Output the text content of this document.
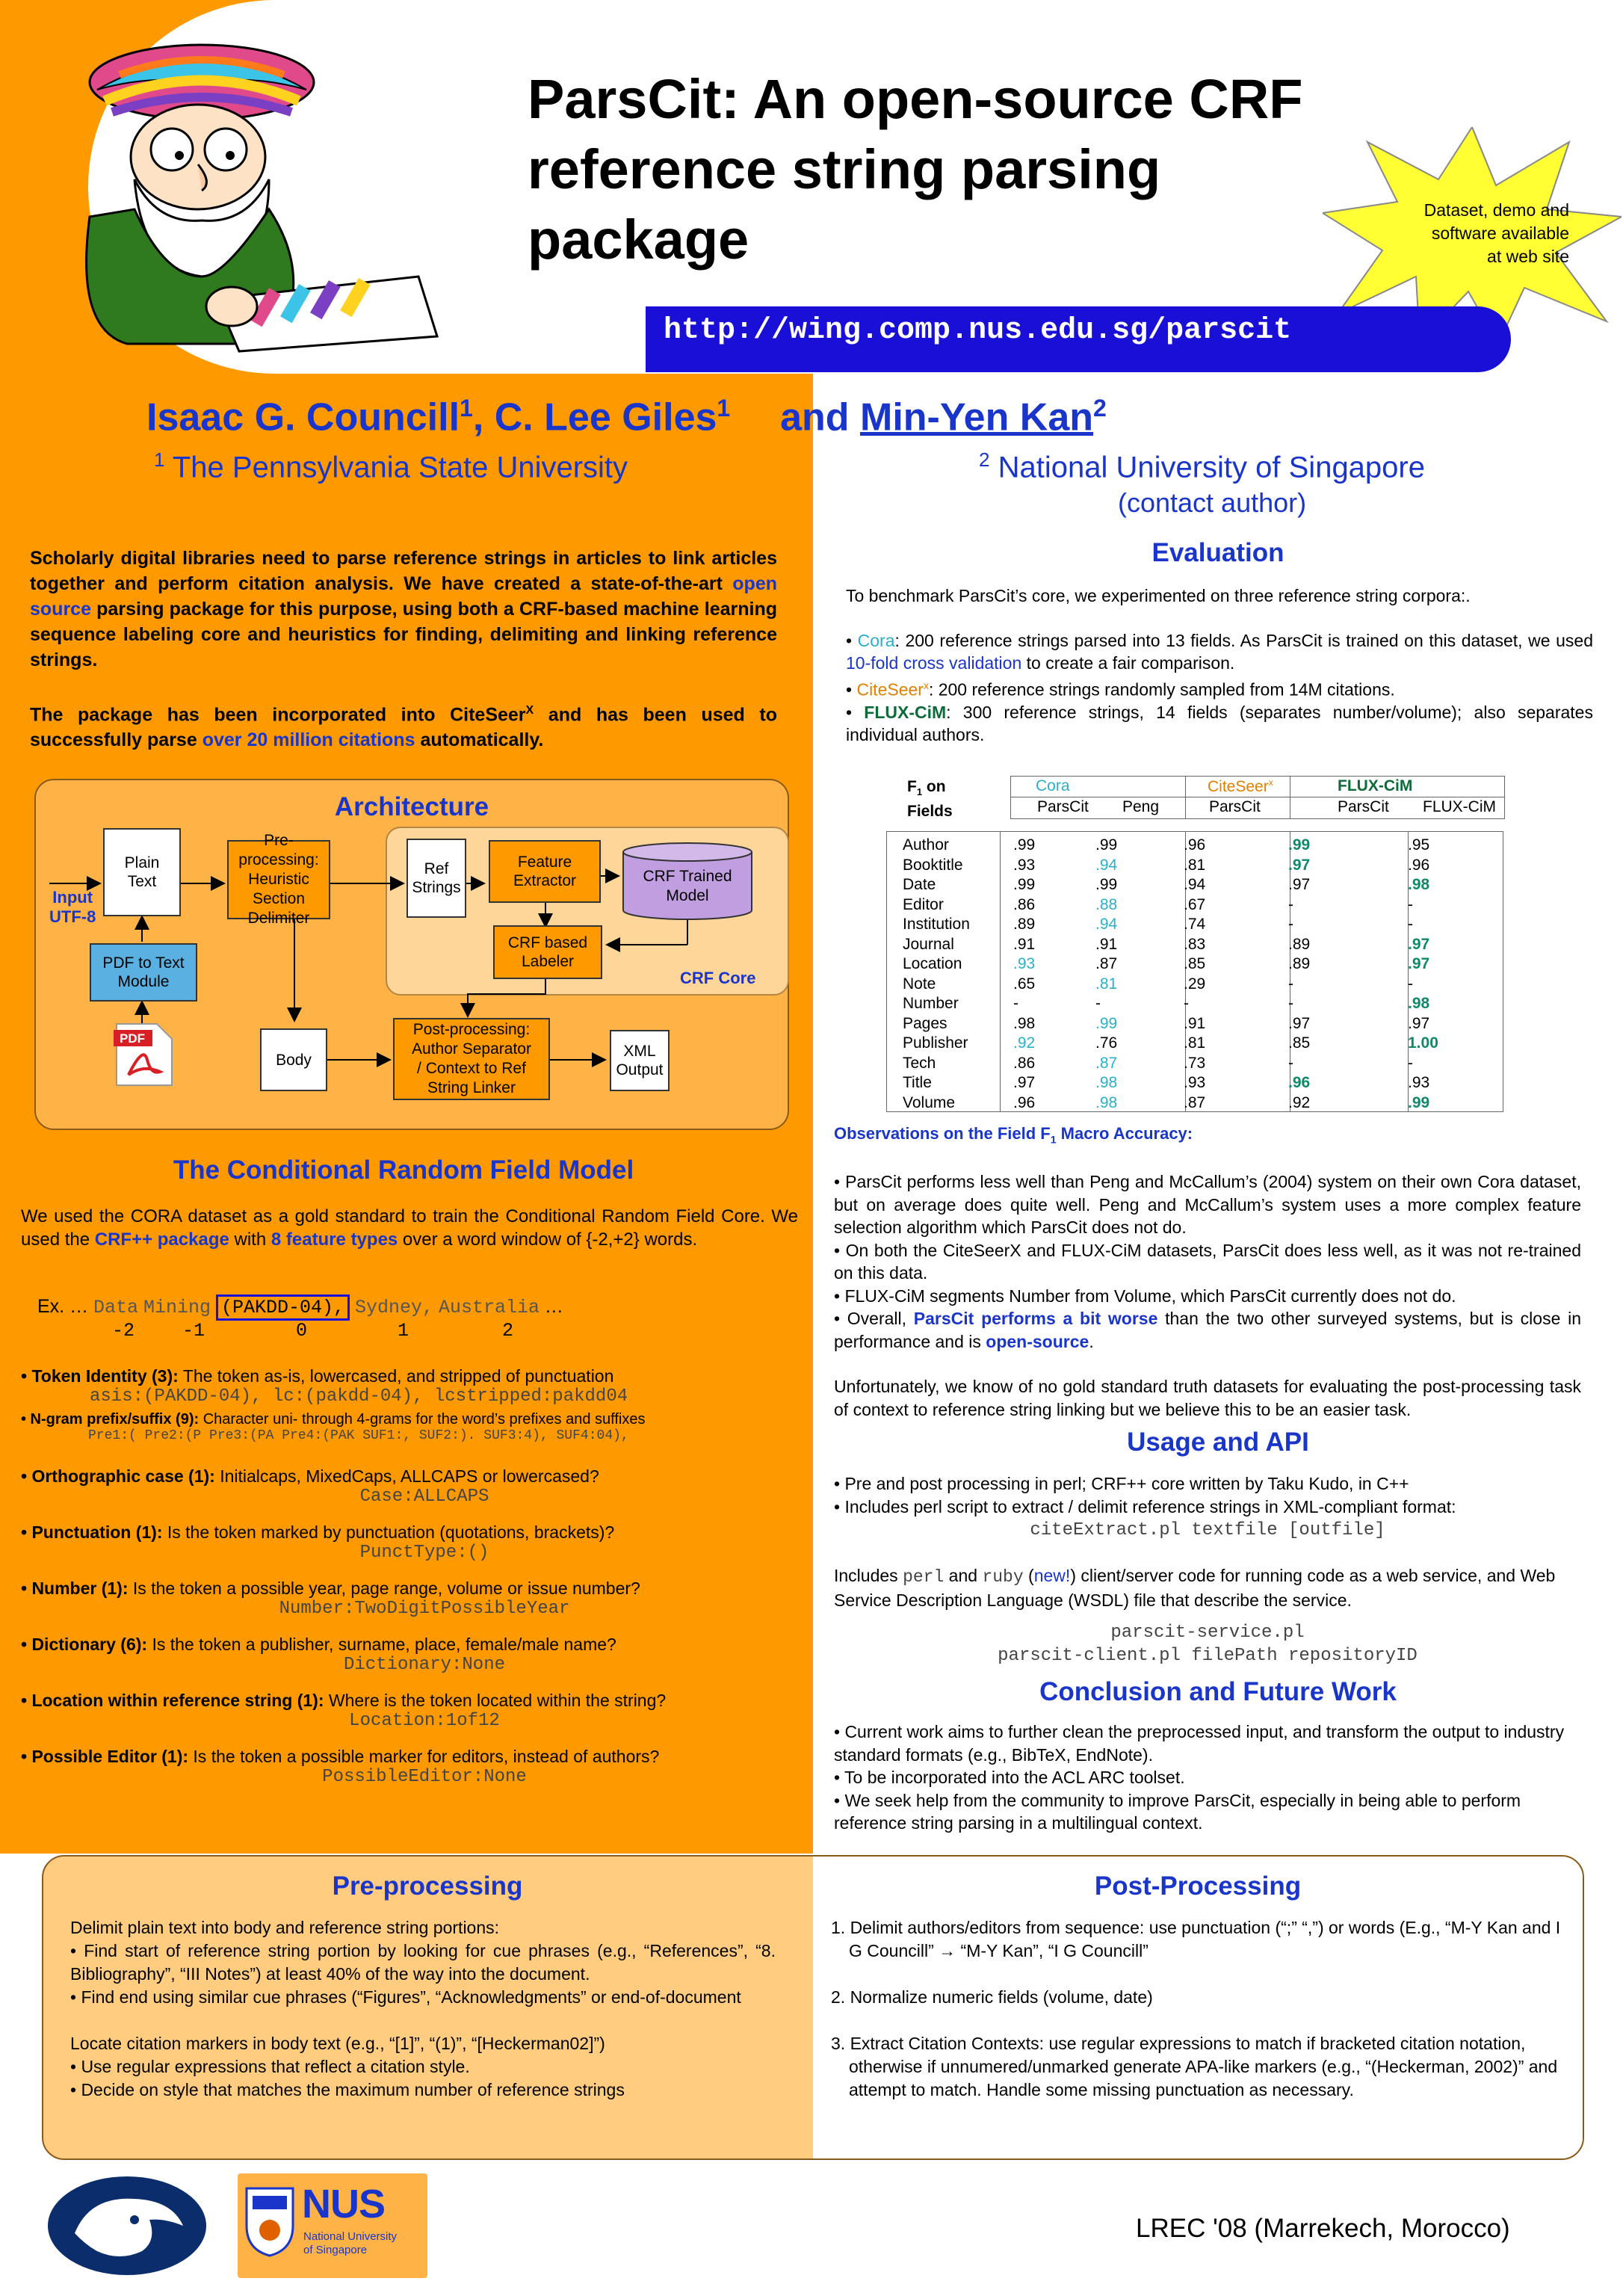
ParsCit: An open-source CRF
reference string parsing
package	Dataset, demo and
software available
at web site
http://wing.comp.nus.edu.sg/parscit
Isaac G. Councill$^1$, C. Lee Giles$^1$ and Min-Yen Kan$^2$
$^1$ The Pennsylvania State University	$^2$ National University of Singapore
(contact author)

Scholarly digital libraries need to parse reference strings in articles to link articles together and perform citation analysis. We have created a state-of-the-art open source parsing package for this purpose, using both a CRF-based machine learning sequence labeling core and heuristics for finding, delimiting and linking reference strings.

The package has been incorporated into CiteSeer$^X$ and has been used to successfully parse over 20 million citations automatically.

Architecture
Input
UTF-8
Plain
Text
PDF to Text
Module
PDF
Pre-processing:
Heuristic
Section
Delimiter
Ref
Strings
Feature
Extractor	CRF Trained
Model
CRF based
Labeler
CRF Core
Body
Post-processing:
Author Separator
/ Context to Ref
String Linker
XML
Output
The Conditional Random Field Model
We used the CORA dataset as a gold standard to train the Conditional Random Field Core. We used the CRF++ package with 8 feature types over a word window of {-2,+2} words.
Ex. … Data Mining (PAKDD-04), Sydney, Australia …
-2	-1	0	1	2
• Token Identity (3): The token as-is, lowercased, and stripped of punctuation
asis:(PAKDD-04), lc:(pakdd-04), lcstripped:pakdd04
• N-gram prefix/suffix (9): Character uni- through 4-grams for the word’s prefixes and suffixes
Pre1:( Pre2:(P Pre3:(PA Pre4:(PAK SUF1:, SUF2:). SUF3:4), SUF4:04),
• Orthographic case (1): Initialcaps, MixedCaps, ALLCAPS or lowercased?
Case:ALLCAPS
• Punctuation (1): Is the token marked by punctuation (quotations, brackets)?
PunctType:()
• Number (1): Is the token a possible year, page range, volume or issue number?
Number:TwoDigitPossibleYear
• Dictionary (6): Is the token a publisher, surname, place, female/male name?
Dictionary:None
• Location within reference string (1): Where is the token located within the string?
Location:1of12
• Possible Editor (1): Is the token a possible marker for editors, instead of authors?
PossibleEditor:None
Evaluation

To benchmark ParsCit’s core, we experimented on three reference string corpora:.

• Cora: 200 reference strings parsed into 13 fields. As ParsCit is trained on this dataset, we used 10-fold cross validation to create a fair comparison.

• CiteSeer$^x$: 200 reference strings randomly sampled from 14M citations.

• FLUX-CiM: 300 reference strings, 14 fields (separates number/volume); also separates individual authors.

$F_1$ on
Fields
Cora	CiteSeer$^x$	FLUX-CiM
ParsCit Peng	ParsCit	ParsCit FLUX-CiM
Author	.99	.99	.96	.99	.95
Booktitle	.93	.94	.81	.97	.96
Date	.99	.99	.94	.97	.98
Editor	.86	.88	.67	-	-
Institution	.89	.94	.74	-	-
Journal	.91	.91	.83	.89	.97
Location	.93	.87	.85	.89	.97
Note	.65	.81	.29	-	-
Number	-	-	-	-	.98
Pages	.98	.99	.91	.97	.97
Publisher	.92	.76	.81	.85	1.00
Tech	.86	.87	.73	-	-
Title	.97	.98	.93	.96	.93
Volume	.96	.98	.87	.92	.99
Observations on the Field $F_1$ Macro Accuracy:

• ParsCit performs less well than Peng and McCallum’s (2004) system on their own Cora dataset, but on average does quite well. Peng and McCallum’s system uses a more complex feature selection algorithm which ParsCit does not do.

• On both the CiteSeerX and FLUX-CiM datasets, ParsCit does less well, as it was not re-trained on this data.

• FLUX-CiM segments Number from Volume, which ParsCit currently does not do.

• Overall, ParsCit performs a bit worse than the two other surveyed systems, but is close in performance and is open-source.

Unfortunately, we know of no gold standard truth datasets for evaluating the post-processing task of context to reference string linking but we believe this to be an easier task.

Usage and API

• Pre and post processing in perl; CRF++ core written by Taku Kudo, in C++

• Includes perl script to extract / delimit reference strings in XML-compliant format:

citeExtract.pl textfile [outfile]

Includes perl and ruby (new!) client/server code for running code as a web service, and Web Service Description Language (WSDL) file that describe the service.

parscit-service.pl

parscit-client.pl filePath repositoryID

Conclusion and Future Work

• Current work aims to further clean the preprocessed input, and transform the output to industry standard formats (e.g., BibTeX, EndNote).

• To be incorporated into the ACL ARC toolset.

• We seek help from the community to improve ParsCit, especially in being able to perform reference string parsing in a multilingual context.

Pre-processing

Delimit plain text into body and reference string portions:

• Find start of reference string portion by looking for cue phrases (e.g., “References”, “8. Bibliography”, “III Notes”) at least 40% of the way into the document.

• Find end using similar cue phrases (“Figures”, “Acknowledgments” or end-of-document

Locate citation markers in body text (e.g., “[1]”, “(1)”, “[Heckerman02]”)

• Use regular expressions that reflect a citation style.

• Decide on style that matches the maximum number of reference strings

Post-Processing

1. Delimit authors/editors from sequence: use punctuation (“;” “,”) or words (E.g., “M-Y Kan and I G Councill” → “M-Y Kan”, “I G Councill”

2. Normalize numeric fields (volume, date)

3. Extract Citation Contexts: use regular expressions to match if bracketed citation notation, otherwise if unnumered/unmarked generate APA-like markers (e.g., “(Heckerman, 2002)” and attempt to match. Handle some missing punctuation as necessary.

NUS
National University
of Singapore
27-30 May 2008	LREC '08 (Marrekech, Morocco)
